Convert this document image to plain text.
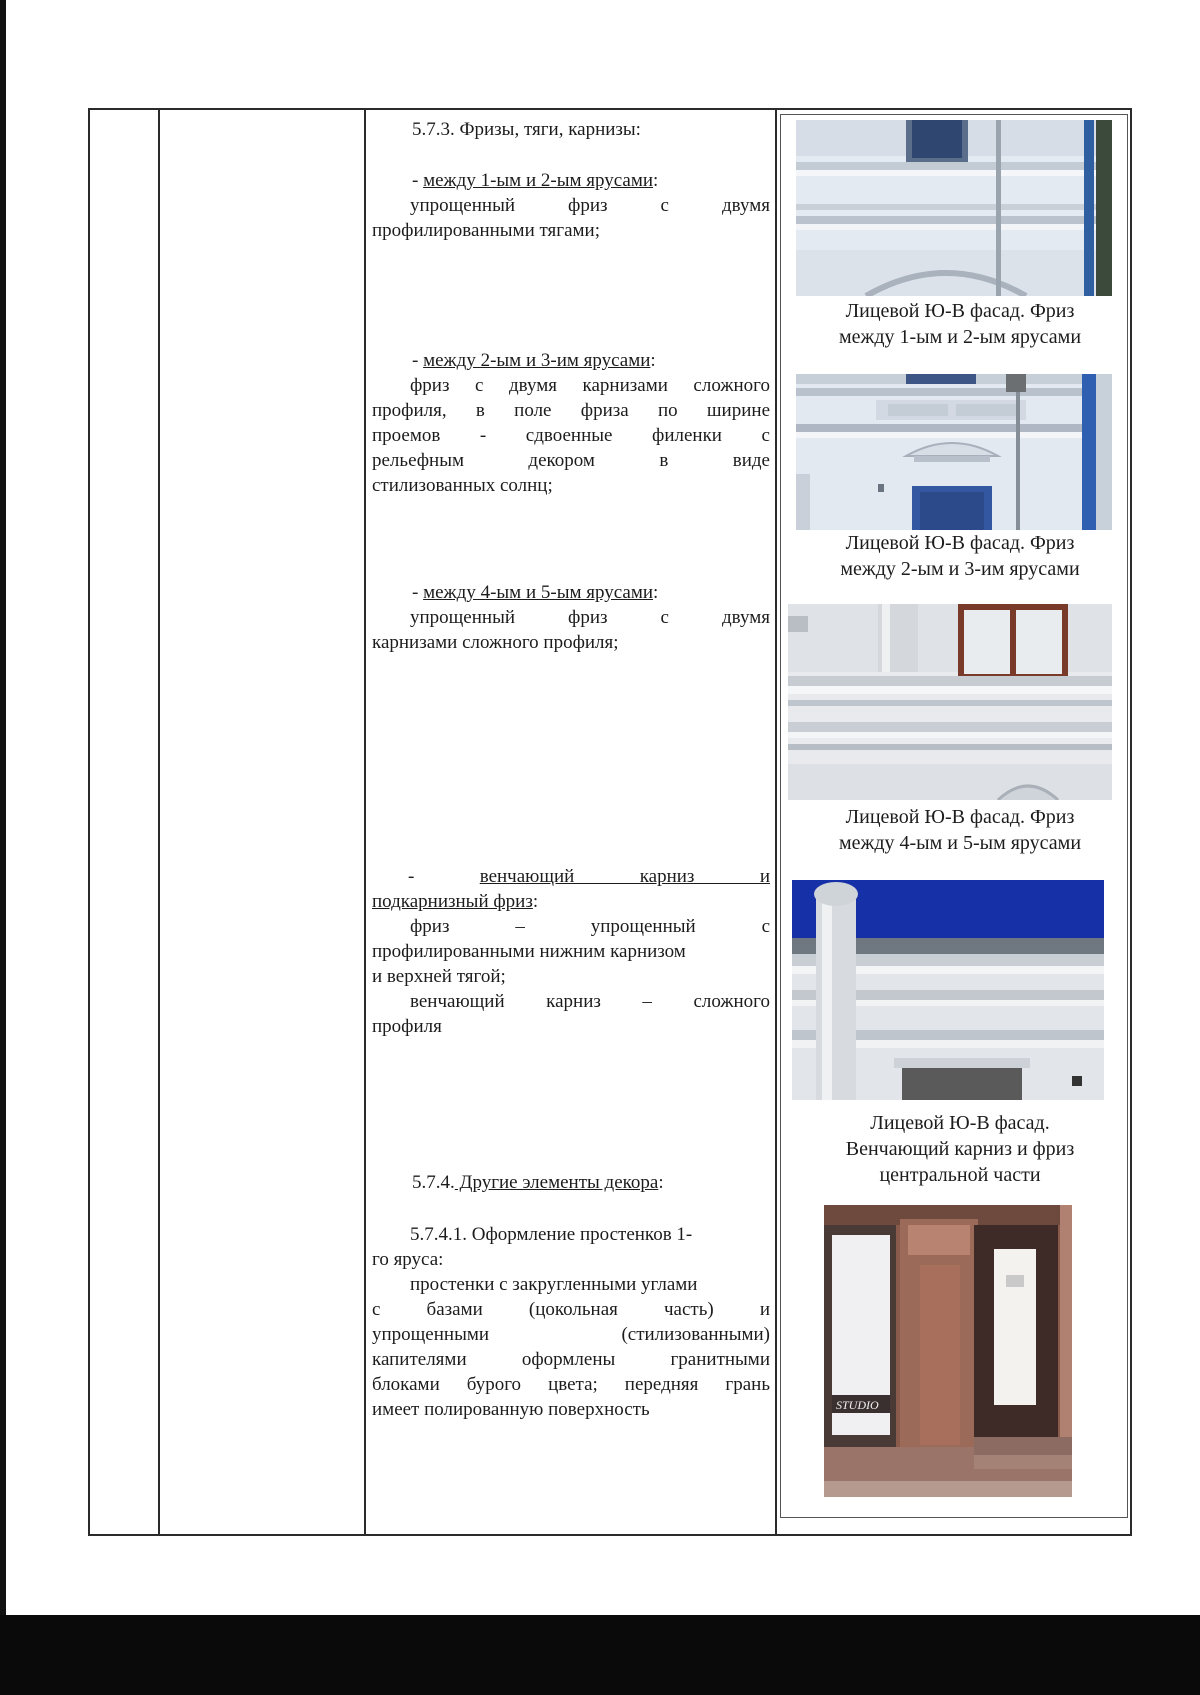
5.7.3. Фризы, тяги, карнизы:

- между 1-ым и 2-ым ярусами:

упрощенный фриз с двумя

профилированными тягами;

- между 2-ым и 3-им ярусами:

фриз с двумя карнизами сложного

профиля, в поле фриза по ширине

проемов - сдвоенные филенки с

рельефным декором в виде

стилизованных солнц;

- между 4-ым и 5-ым ярусами:

упрощенный фриз с двумя

карнизами сложного профиля;

-	венчающий карниз и

подкарнизный фриз:

фриз – упрощенный с

профилированными нижним карнизом

и верхней тягой;

венчающий карниз – сложного

профиля

5.7.4. Другие элементы декора:

5.7.4.1. Оформление простенков 1-

го яруса:

простенки с закругленными углами

с базами (цокольная часть) и

упрощенными (стилизованными)

капителями оформлены гранитными

блоками бурого цвета; передняя грань

имеет полированную поверхность

Лицевой Ю-В фасад. Фриз
между 1-ым и 2-ым ярусами
Лицевой Ю-В фасад. Фриз
между 2-ым и 3-им ярусами
Лицевой Ю-В фасад. Фриз
между 4-ым и 5-ым ярусами
Лицевой Ю-В фасад.
Венчающий карниз и фриз
центральной части
STUDIO
